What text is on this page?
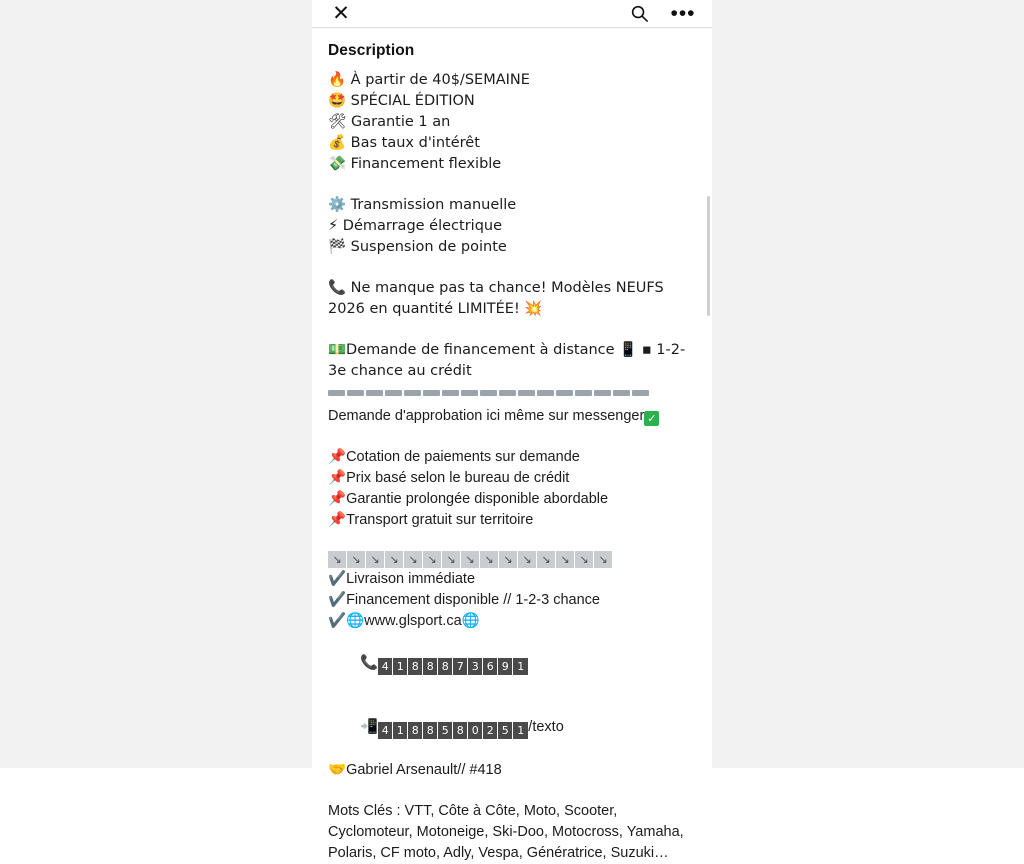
✕	•••
Description
🔥 À partir de 40$/SEMAINE
🤩 SPÉCIAL ÉDITION
🛠 Garantie 1 an
💰 Bas taux d'intérêt
💸 Financement flexible
⚙️ Transmission manuelle
⚡ Démarrage électrique
🏁 Suspension de pointe
📞 Ne manque pas ta chance! Modèles NEUFS 2026 en quantité LIMITÉE! 💥
💵Demande de financement à distance 📱 ▪ 1-2-3e chance au crédit
Demande d'approbation ici même sur messenger ✓
📌Cotation de paiements sur demande
📌Prix basé selon le bureau de crédit
📌Garantie prolongée disponible abordable
📌Transport gratuit sur territoire
↘ ↘ ↘ ↘ ↘ ↘ ↘ ↘ ↘ ↘ ↘ ↘ ↘ ↘ ↘
✔️Livraison immédiate
✔️Financement disponible // 1-2-3 chance
✔️🌐www.glsport.ca🌐

📞 4 1 8 8 8 7 3 6 9 1

📲 4 1 8 8 5 8 0 2 5 1 /texto

🤝Gabriel Arsenault// #418
Mots Clés : VTT, Côte à Côte, Moto, Scooter, Cyclomoteur, Motoneige, Ski-Doo, Motocross, Yamaha, Polaris, CF moto, Adly, Vespa, Génératrice, Suzuki…
